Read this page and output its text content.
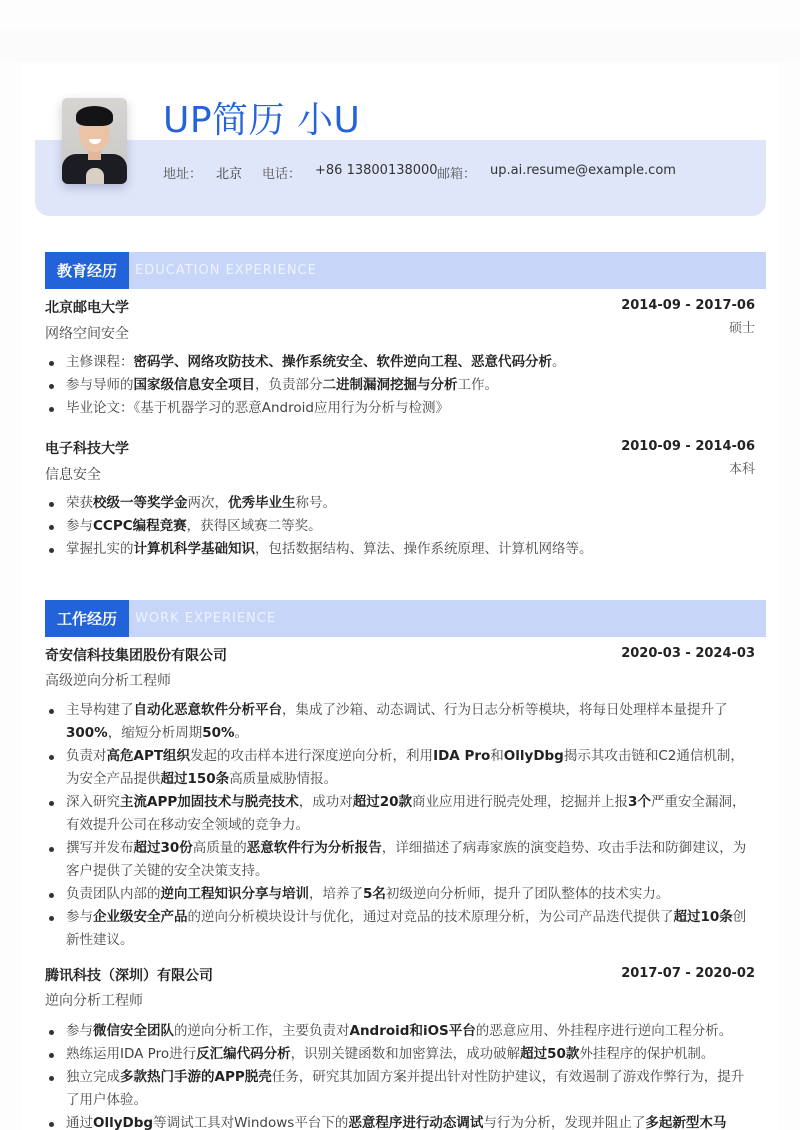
UP简历 小U
地址： 北京 电话： +86 13800138000 邮箱： up.ai.resume@example.com
教育经历	EDUCATION EXPERIENCE
北京邮电大学	2014-09 - 2017-06
网络空间安全	硕士
主修课程：密码学、网络攻防技术、操作系统安全、软件逆向工程、恶意代码分析。
参与导师的国家级信息安全项目，负责部分二进制漏洞挖掘与分析工作。
毕业论文：《基于机器学习的恶意Android应用行为分析与检测》
电子科技大学	2010-09 - 2014-06
信息安全	本科
荣获校级一等奖学金两次，优秀毕业生称号。
参与CCPC编程竞赛，获得区域赛二等奖。
掌握扎实的计算机科学基础知识，包括数据结构、算法、操作系统原理、计算机网络等。
工作经历	WORK EXPERIENCE
奇安信科技集团股份有限公司	2020-03 - 2024-03
高级逆向分析工程师
主导构建了自动化恶意软件分析平台，集成了沙箱、动态调试、行为日志分析等模块，将每日处理样本量提升了300%，缩短分析周期50%。
负责对高危APT组织发起的攻击样本进行深度逆向分析，利用IDA Pro和OllyDbg揭示其攻击链和C2通信机制，为安全产品提供超过150条高质量威胁情报。
深入研究主流APP加固技术与脱壳技术，成功对超过20款商业应用进行脱壳处理，挖掘并上报3个严重安全漏洞，有效提升公司在移动安全领域的竞争力。
撰写并发布超过30份高质量的恶意软件行为分析报告，详细描述了病毒家族的演变趋势、攻击手法和防御建议，为客户提供了关键的安全决策支持。
负责团队内部的逆向工程知识分享与培训，培养了5名初级逆向分析师，提升了团队整体的技术实力。
参与企业级安全产品的逆向分析模块设计与优化，通过对竞品的技术原理分析，为公司产品迭代提供了超过10条创新性建议。
腾讯科技（深圳）有限公司	2017-07 - 2020-02
逆向分析工程师
参与微信安全团队的逆向分析工作，主要负责对Android和iOS平台的恶意应用、外挂程序进行逆向工程分析。
熟练运用IDA Pro进行反汇编代码分析，识别关键函数和加密算法，成功破解超过50款外挂程序的保护机制。
独立完成多款热门手游的APP脱壳任务，研究其加固方案并提出针对性防护建议，有效遏制了游戏作弊行为，提升了用户体验。
通过OllyDbg等调试工具对Windows平台下的恶意程序进行动态调试与行为分析，发现并阻止了多起新型木马
